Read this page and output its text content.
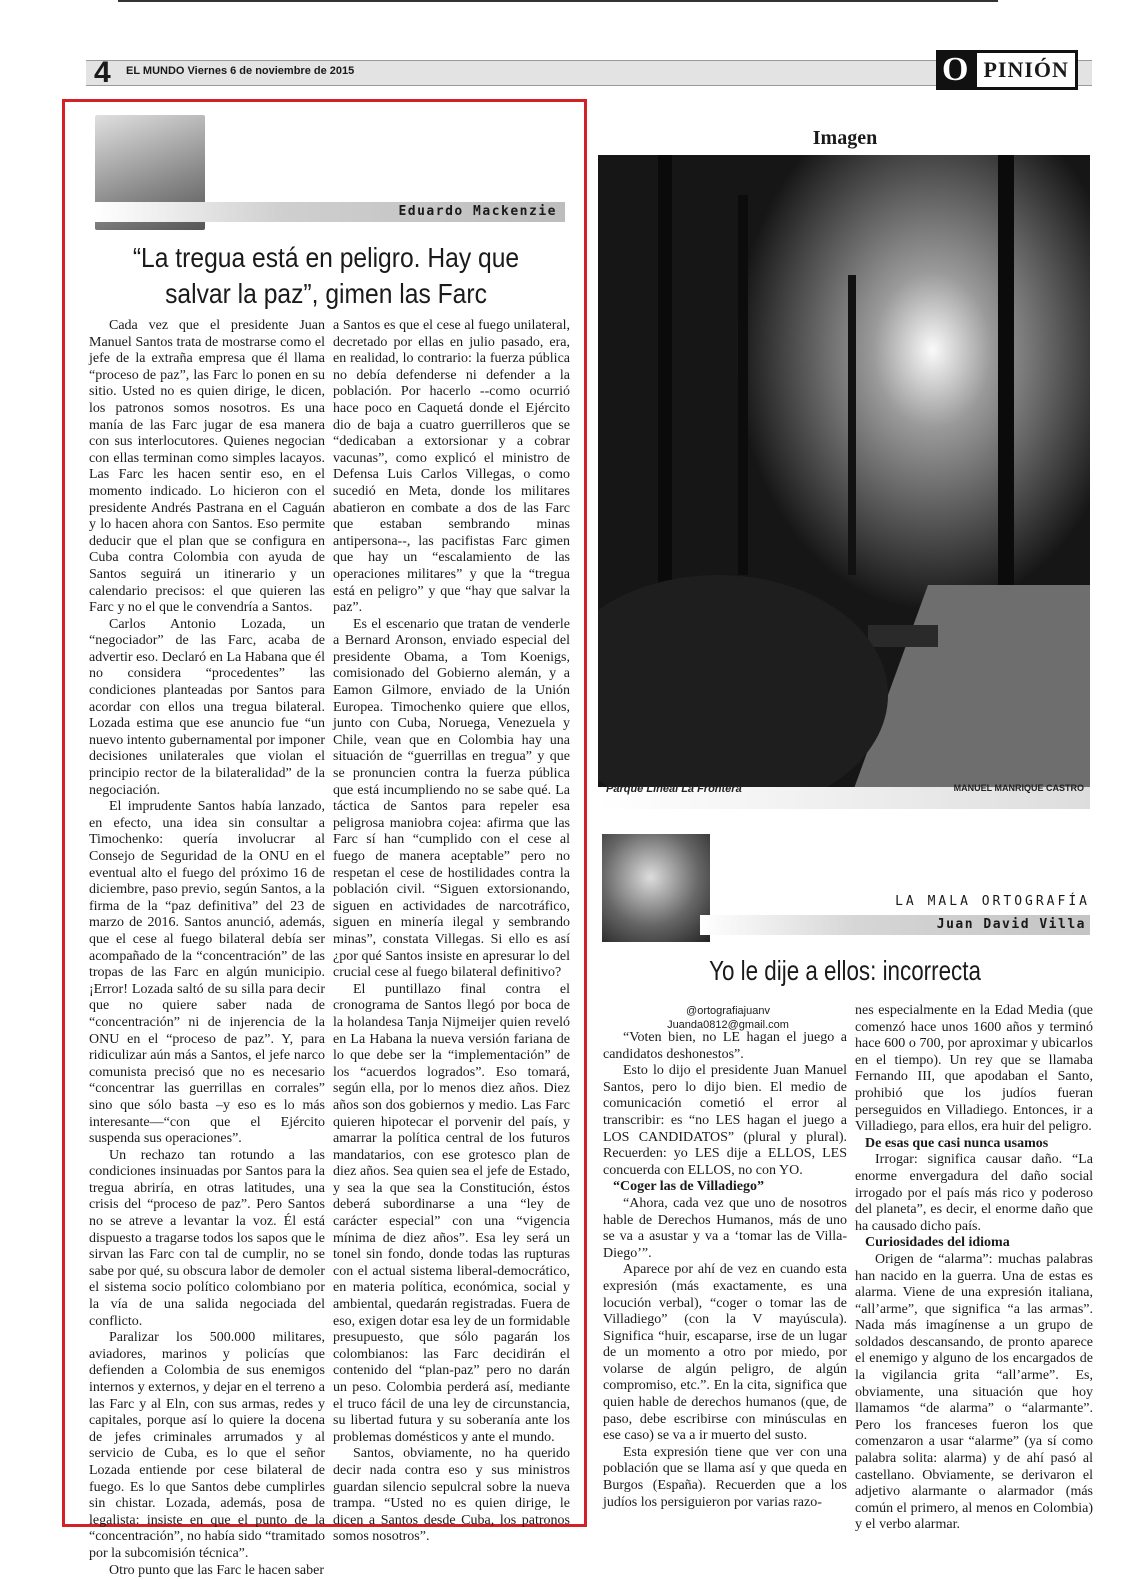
4 EL MUNDO Viernes 6 de noviembre de 2015	O PINIÓN
Eduardo Mackenzie
“La tregua está en peligro. Hay que
salvar la paz”, gimen las Farc

Cada vez que el presidente Juan Manuel Santos trata de mostrarse como el jefe de la extraña empresa que él llama “proceso de paz”, las Farc lo ponen en su sitio. Usted no es quien dirige, le dicen, los patronos somos nosotros. Es una manía de las Farc jugar de esa manera con sus interlocutores. Quienes negocian con ellas terminan como simples lacayos. Las Farc les hacen sentir eso, en el momento indicado. Lo hicieron con el presidente Andrés Pastrana en el Caguán y lo hacen ahora con Santos. Eso permite deducir que el plan que se configura en Cuba contra Colombia con ayuda de Santos seguirá un itinerario y un calendario precisos: el que quieren las Farc y no el que le convendría a Santos.

Carlos Antonio Lozada, un “negociador” de las Farc, acaba de advertir eso. Declaró en La Habana que él no considera “procedentes” las condiciones planteadas por Santos para acordar con ellos una tregua bilateral. Lozada estima que ese anuncio fue “un nuevo intento gubernamental por imponer decisiones unilaterales que violan el principio rector de la bilateralidad” de la negociación.

El imprudente Santos había lanzado, en efecto, una idea sin consultar a Timochenko: quería involucrar al Consejo de Seguridad de la ONU en el eventual alto el fuego del próximo 16 de diciembre, paso previo, según Santos, a la firma de la “paz definitiva” del 23 de marzo de 2016. Santos anunció, además, que el cese al fuego bilateral debía ser acompañado de la “concentración” de las tropas de las Farc en algún municipio. ¡Error! Lozada saltó de su silla para decir que no quiere saber nada de “concentración” ni de injerencia de la ONU en el “proceso de paz”. Y, para ridiculizar aún más a Santos, el jefe narco comunista precisó que no es necesario “concentrar las guerrillas en corrales” sino que sólo basta –y eso es lo más interesante—“con que el Ejército suspenda sus operaciones”.

Un rechazo tan rotundo a las condiciones insinuadas por Santos para la tregua abriría, en otras latitudes, una crisis del “proceso de paz”. Pero Santos no se atreve a levantar la voz. Él está dispuesto a tragarse todos los sapos que le sirvan las Farc con tal de cumplir, no se sabe por qué, su obscura labor de demoler el sistema socio político colombiano por la vía de una salida negociada del conflicto.

Paralizar los 500.000 militares, aviadores, marinos y policías que defienden a Colombia de sus enemigos internos y externos, y dejar en el terreno a las Farc y al Eln, con sus armas, redes y capitales, porque así lo quiere la docena de jefes criminales arrumados y al servicio de Cuba, es lo que el señor Lozada entiende por cese bilateral de fuego. Es lo que Santos debe cumplirles sin chistar. Lozada, además, posa de legalista: insiste en que el punto de la “concentración”, no había sido “tramitado por la subcomisión técnica”.

Otro punto que las Farc le hacen saber

a Santos es que el cese al fuego unilateral, decretado por ellas en julio pasado, era, en realidad, lo contrario: la fuerza pública no debía defenderse ni defender a la población. Por hacerlo --como ocurrió hace poco en Caquetá donde el Ejército dio de baja a cuatro guerrilleros que se “dedicaban a extorsionar y a cobrar vacunas”, como explicó el ministro de Defensa Luis Carlos Villegas, o como sucedió en Meta, donde los militares abatieron en combate a dos de las Farc que estaban sembrando minas antipersona--, las pacifistas Farc gimen que hay un “escalamiento de las operaciones militares” y que la “tregua está en peligro” y que “hay que salvar la paz”.

Es el escenario que tratan de venderle a Bernard Aronson, enviado especial del presidente Obama, a Tom Koenigs, comisionado del Gobierno alemán, y a Eamon Gilmore, enviado de la Unión Europea. Timochenko quiere que ellos, junto con Cuba, Noruega, Venezuela y Chile, vean que en Colombia hay una situación de “guerrillas en tregua” y que se pronuncien contra la fuerza pública que está incumpliendo no se sabe qué. La táctica de Santos para repeler esa peligrosa maniobra cojea: afirma que las Farc sí han “cumplido con el cese al fuego de manera aceptable” pero no respetan el cese de hostilidades contra la población civil. “Siguen extorsionando, siguen en actividades de narcotráfico, siguen en minería ilegal y sembrando minas”, constata Villegas. Si ello es así ¿por qué Santos insiste en apresurar lo del crucial cese al fuego bilateral definitivo?

El puntillazo final contra el cronograma de Santos llegó por boca de la holandesa Tanja Nijmeijer quien reveló en La Habana la nueva versión fariana de lo que debe ser la “implementación” de los “acuerdos logrados”. Eso tomará, según ella, por lo menos diez años. Diez años son dos gobiernos y medio. Las Farc quieren hipotecar el porvenir del país, y amarrar la política central de los futuros mandatarios, con ese grotesco plan de diez años. Sea quien sea el jefe de Estado, y sea la que sea la Constitución, éstos deberá subordinarse a una “ley de carácter especial” con una “vigencia mínima de diez años”. Esa ley será un tonel sin fondo, donde todas las rupturas con el actual sistema liberal-democrático, en materia política, económica, social y ambiental, quedarán registradas. Fuera de eso, exigen dotar esa ley de un formidable presupuesto, que sólo pagarán los colombianos: las Farc decidirán el contenido del “plan-paz” pero no darán un peso. Colombia perderá así, mediante el truco fácil de una ley de circunstancia, su libertad futura y su soberanía ante los problemas domésticos y ante el mundo.

Santos, obviamente, no ha querido decir nada contra eso y sus ministros guardan silencio sepulcral sobre la nueva trampa. “Usted no es quien dirige, le dicen a Santos desde Cuba, los patronos somos nosotros”.

Imagen
Parque Lineal La Frontera	MANUEL MANRIQUE CASTRO
LA MALA ORTOGRAFÍA
Juan David Villa
Yo le dije a ellos: incorrecta
@ortografiajuanv
Juanda0812@gmail.com

“Voten bien, no LE hagan el juego a candidatos deshonestos”.

Esto lo dijo el presidente Juan Manuel Santos, pero lo dijo bien. El medio de comunicación cometió el error al transcribir: es “no LES hagan el juego a LOS CANDIDATOS” (plural y plural). Recuerden: yo LES dije a ELLOS, LES concuerda con ELLOS, no con YO.

“Coger las de Villadiego”

“Ahora, cada vez que uno de nosotros hable de Derechos Humanos, más de uno se va a asustar y va a ‘tomar las de Villa-Diego’”.

Aparece por ahí de vez en cuando esta expresión (más exactamente, es una locución verbal), “coger o tomar las de Villadiego” (con la V mayúscula). Significa “huir, escaparse, irse de un lugar de un momento a otro por miedo, por volarse de algún peligro, de algún compromiso, etc.”. En la cita, significa que quien hable de derechos humanos (que, de paso, debe escribirse con minúsculas en ese caso) se va a ir muerto del susto.

Esta expresión tiene que ver con una población que se llama así y que queda en Burgos (España). Recuerden que a los judíos los persiguieron por varias razo-

nes especialmente en la Edad Media (que comenzó hace unos 1600 años y terminó hace 600 o 700, por aproximar y ubicarlos en el tiempo). Un rey que se llamaba Fernando III, que apodaban el Santo, prohibió que los judíos fueran perseguidos en Villadiego. Entonces, ir a Villadiego, para ellos, era huir del peligro.

De esas que casi nunca usamos

Irrogar: significa causar daño. “La enorme envergadura del daño social irrogado por el país más rico y poderoso del planeta”, es decir, el enorme daño que ha causado dicho país.

Curiosidades del idioma

Origen de “alarma”: muchas palabras han nacido en la guerra. Una de estas es alarma. Viene de una expresión italiana, “all’arme”, que significa “a las armas”. Nada más imagínense a un grupo de soldados descansando, de pronto aparece el enemigo y alguno de los encargados de la vigilancia grita “all’arme”. Es, obviamente, una situación que hoy llamamos “de alarma” o “alarmante”. Pero los franceses fueron los que comenzaron a usar “alarme” (ya sí como palabra solita: alarma) y de ahí pasó al castellano. Obviamente, se derivaron el adjetivo alarmante o alarmador (más común el primero, al menos en Colombia) y el verbo alarmar.
